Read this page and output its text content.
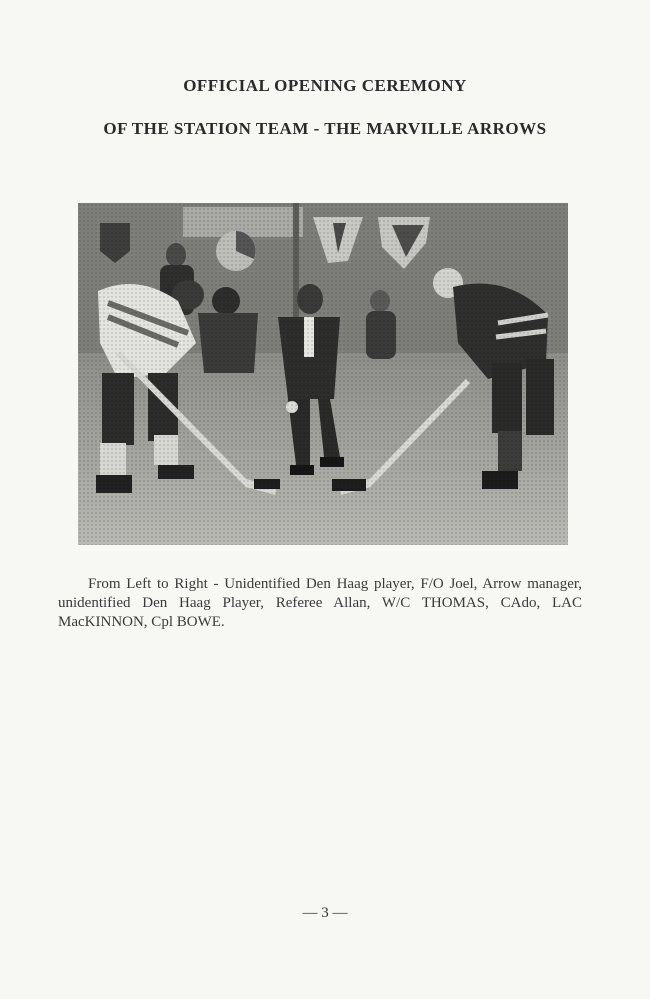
OFFICIAL OPENING CEREMONY
OF THE STATION TEAM - THE MARVILLE ARROWS

From Left to Right - Unidentified Den Haag player, F/O Joel, Arrow manager, unidentified Den Haag Player, Referee Allan, W/C THOMAS, CAdo, LAC MacKINNON, Cpl BOWE.

— 3 —
